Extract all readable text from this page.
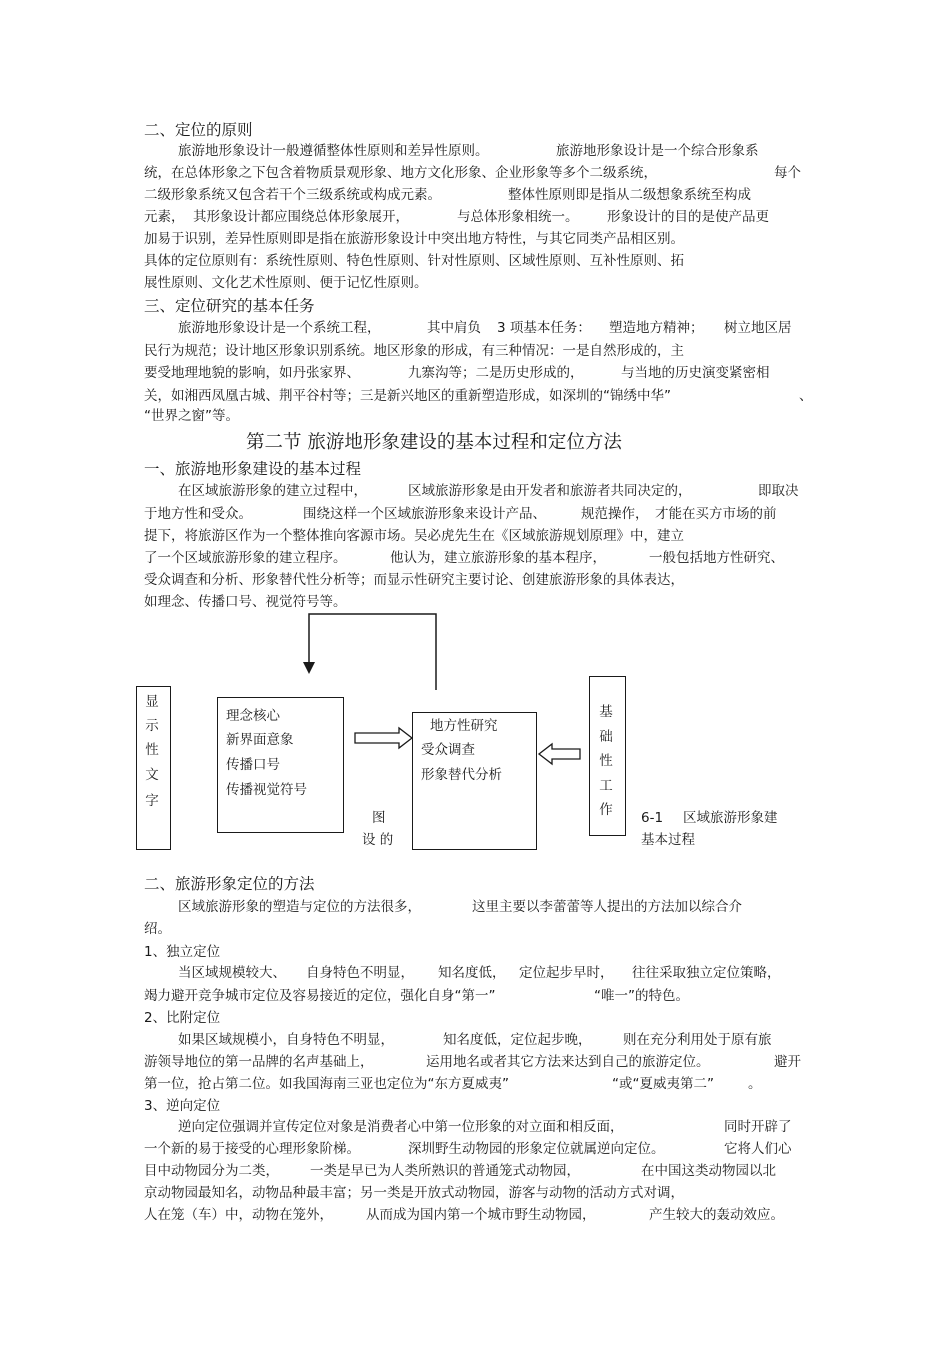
二、定位的原则
旅游地形象设计一般遵循整体性原则和差异性原则。	旅游地形象设计是一个综合形象系
统，在总体形象之下包含着物质景观形象、地方文化形象、企业形象等多个二级系统，	每个
二级形象系统又包含若干个三级系统或构成元素。	整体性原则即是指从二级想象系统至构成
元素， 其形象设计都应围绕总体形象展开，	与总体形象相统一。 形象设计的目的是使产品更
加易于识别，差异性原则即是指在旅游形象设计中突出地方特性，与其它同类产品相区别。
具体的定位原则有：系统性原则、特色性原则、针对性原则、区域性原则、互补性原则、拓
展性原则、文化艺术性原则、便于记忆性原则。
三、定位研究的基本任务
旅游地形象设计是一个系统工程，	其中肩负 3 项基本任务： 塑造地方精神； 树立地区居
民行为规范；设计地区形象识别系统。地区形象的形成，有三种情况：一是自然形成的，主
要受地理地貌的影响，如丹张家界、	九寨沟等；二是历史形成的，	与当地的历史演变紧密相
关，如湘西凤凰古城、荆平谷村等；三是新兴地区的重新塑造形成，如深圳的“锦绣中华”	、
“世界之窗”等。
第二节 旅游地形象建设的基本过程和定位方法
一、旅游地形象建设的基本过程
在区域旅游形象的建立过程中，	区域旅游形象是由开发者和旅游者共同决定的，	即取决
于地方性和受众。	围绕这样一个区域旅游形象来设计产品、	规范操作， 才能在买方市场的前
提下，将旅游区作为一个整体推向客源市场。吴必虎先生在《区域旅游规划原理》中，建立
了一个区域旅游形象的建立程序。	他认为，建立旅游形象的基本程序，	一般包括地方性研究、
受众调查和分析、形象替代性分析等；而显示性研究主要讨论、创建旅游形象的具体表达，
如理念、传播口号、视觉符号等。
显
示
性
文
字
理念核心
新界面意象
传播口号
传播视觉符号
地方性研究
受众调查
形象替代分析
基
础
性
工
作
图
设 的
6-1 区域旅游形象建
基本过程
二、旅游形象定位的方法
区域旅游形象的塑造与定位的方法很多，	这里主要以李蕾蕾等人提出的方法加以综合介
绍。
1、独立定位
当区域规模较大、 自身特色不明显， 知名度低， 定位起步早时， 往往采取独立定位策略，
竭力避开竞争城市定位及容易接近的定位，强化自身“第一”	“唯一”的特色。
2、比附定位
如果区域规模小，自身特色不明显，	知名度低，定位起步晚， 则在充分利用处于原有旅
游领导地位的第一品牌的名声基础上，	运用地名或者其它方法来达到自己的旅游定位。	避开
第一位，抢占第二位。如我国海南三亚也定位为“东方夏威夷”	“或“夏威夷第二”	。
3、逆向定位
逆向定位强调并宣传定位对象是消费者心中第一位形象的对立面和相反面，	同时开辟了
一个新的易于接受的心理形象阶梯。	深圳野生动物园的形象定位就属逆向定位。	它将人们心
目中动物园分为二类， 一类是早已为人类所熟识的普通笼式动物园，	在中国这类动物园以北
京动物园最知名，动物品种最丰富；另一类是开放式动物园，游客与动物的活动方式对调，
人在笼（车）中，动物在笼外， 从而成为国内第一个城市野生动物园，	产生较大的轰动效应。
